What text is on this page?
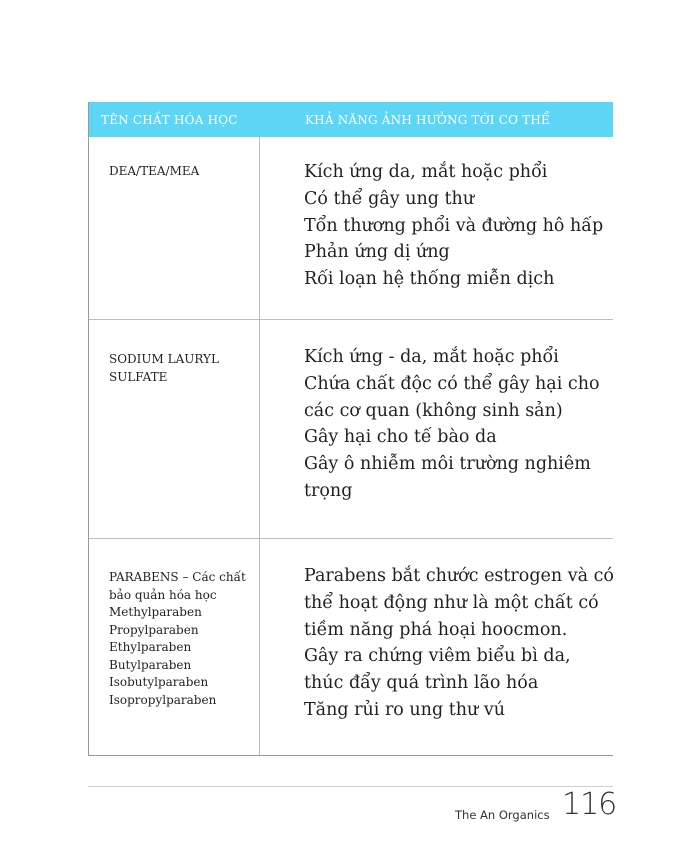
TÊN CHẤT HÓA HỌC	KHẢ NĂNG ẢNH HƯỞNG TỚI CƠ THỂ
DEA/TEA/MEA	Kích ứng da, mắt hoặc phổi
Có thể gây ung thư
Tổn thương phổi và đường hô hấp
Phản ứng dị ứng
Rối loạn hệ thống miễn dịch
SODIUM LAURYL
SULFATE
Kích ứng - da, mắt hoặc phổi
Chứa chất độc có thể gây hại cho
các cơ quan (không sinh sản)
Gây hại cho tế bào da
Gây ô nhiễm môi trường nghiêm
trọng
PARABENS – Các chất
bảo quản hóa học
Methylparaben
Propylparaben
Ethylparaben
Butylparaben
Isobutylparaben
Isopropylparaben
Parabens bắt chước estrogen và có
thể hoạt động như là một chất có
tiềm năng phá hoại hoocmon.
Gây ra chứng viêm biểu bì da,
thúc đẩy quá trình lão hóa
Tăng rủi ro ung thư vú
The An Organics 116
